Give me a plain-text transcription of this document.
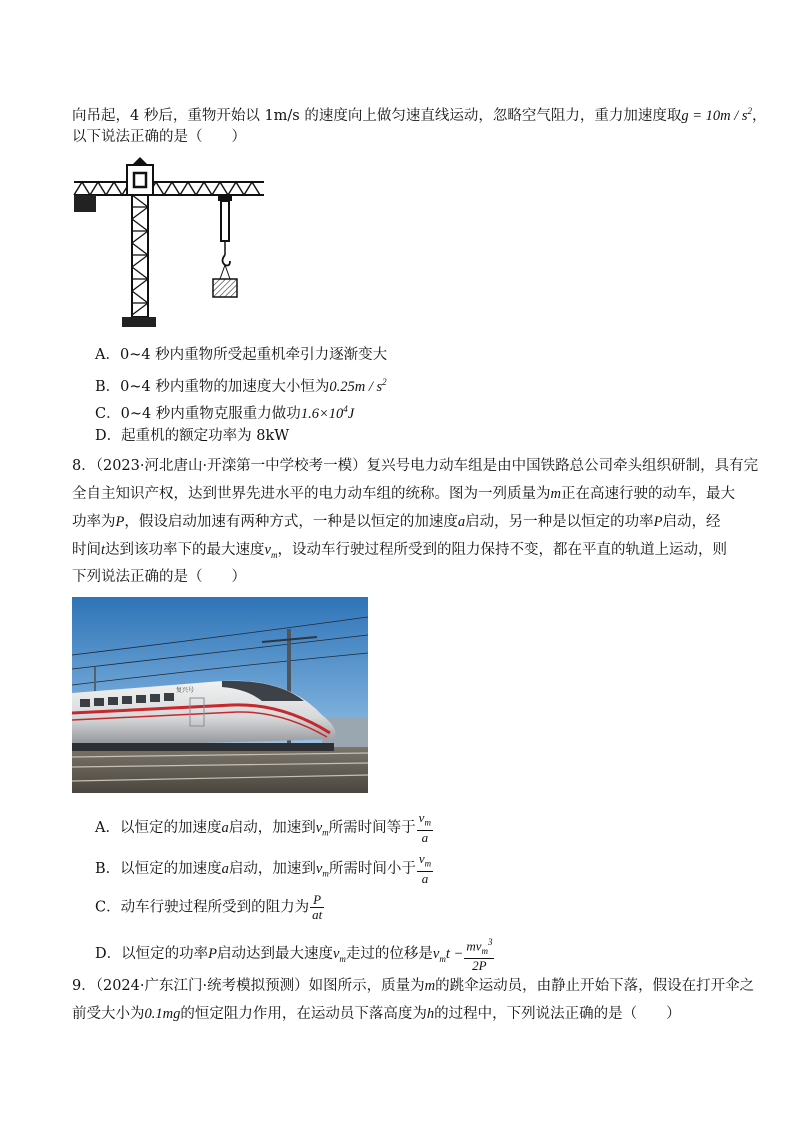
向吊起，4 秒后，重物开始以 1m/s 的速度向上做匀速直线运动，忽略空气阻力，重力加速度取$g = 10m / s^2$，
以下说法正确的是（　　）
A．0~4 秒内重物所受起重机牵引力逐渐变大
B．0~4 秒内重物的加速度大小恒为$0.25m / s^2$
C．0~4 秒内重物克服重力做功$1.6\times 10^4J$
D．起重机的额定功率为 8kW
8．（2023·河北唐山·开滦第一中学校考一模）复兴号电力动车组是由中国铁路总公司牵头组织研制，具有完
全自主知识产权，达到世界先进水平的电力动车组的统称。图为一列质量为m正在高速行驶的动车，最大
功率为P，假设启动加速有两种方式，一种是以恒定的加速度a启动，另一种是以恒定的功率P启动，经
时间t达到该功率下的最大速度$v_m$，设动车行驶过程所受到的阻力保持不变，都在平直的轨道上运动，则
下列说法正确的是（　　）
复兴号
A．以恒定的加速度a启动，加速到$v_m$所需时间等于 $\frac{v_m}{a}$
B．以恒定的加速度a启动，加速到$v_m$所需时间小于 $\frac{v_m}{a}$
C．动车行驶过程所受到的阻力为 $\frac{P}{at}$
D．以恒定的功率P启动达到最大速度$v_m$走过的位移是$v_mt - \frac{mv_m^3}{2P}$
9．（2024·广东江门·统考模拟预测）如图所示，质量为m的跳伞运动员，由静止开始下落，假设在打开伞之
前受大小为0.1mg的恒定阻力作用，在运动员下落高度为h的过程中，下列说法正确的是（　　）
